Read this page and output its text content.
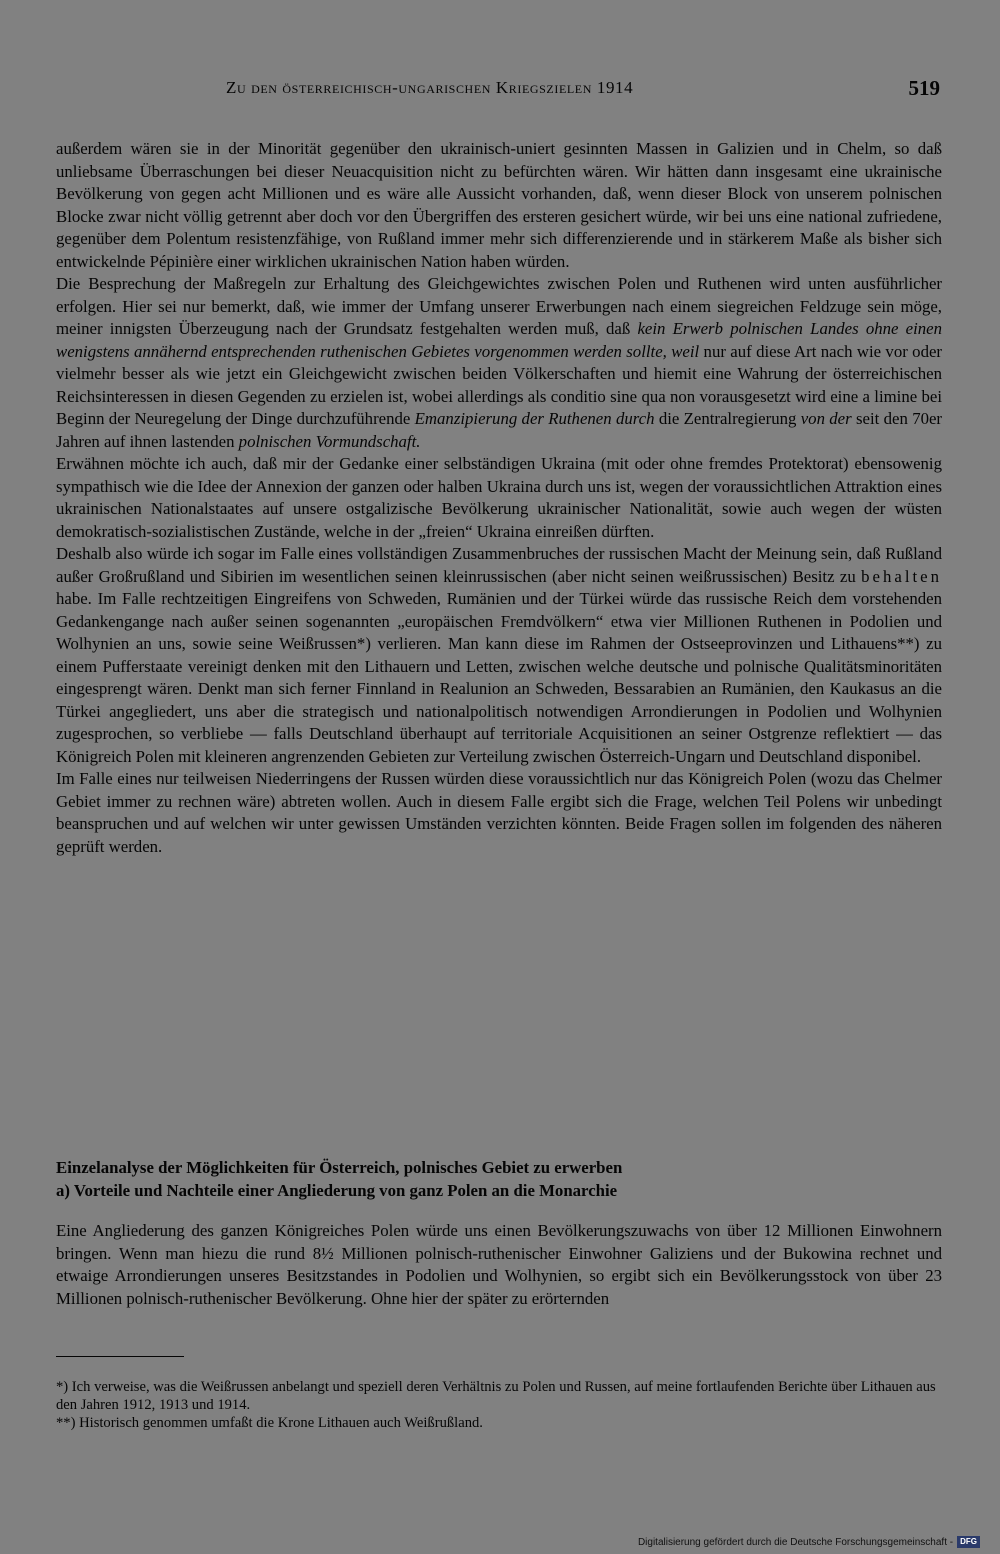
Zu den österreichisch-ungarischen Kriegszielen 1914	519

außerdem wären sie in der Minorität gegenüber den ukrainisch-uniert gesinnten Massen in Galizien und in Chelm, so daß unliebsame Überraschungen bei dieser Neuacquisition nicht zu befürchten wären. Wir hätten dann insgesamt eine ukrainische Bevölkerung von gegen acht Millionen und es wäre alle Aussicht vorhanden, daß, wenn dieser Block von unserem polnischen Blocke zwar nicht völlig getrennt aber doch vor den Übergriffen des ersteren gesichert würde, wir bei uns eine national zufriedene, gegenüber dem Polentum resistenzfähige, von Rußland immer mehr sich differenzierende und in stärkerem Maße als bisher sich entwickelnde Pépinière einer wirklichen ukrainischen Nation haben würden.

Die Besprechung der Maßregeln zur Erhaltung des Gleichgewichtes zwischen Polen und Ruthenen wird unten ausführlicher erfolgen. Hier sei nur bemerkt, daß, wie immer der Umfang unserer Erwerbungen nach einem siegreichen Feldzuge sein möge, meiner innigsten Überzeugung nach der Grundsatz festgehalten werden muß, daß kein Erwerb polnischen Landes ohne einen wenigstens annähernd entsprechenden ruthenischen Gebietes vorgenommen werden sollte, weil nur auf diese Art nach wie vor oder vielmehr besser als wie jetzt ein Gleichgewicht zwischen beiden Völkerschaften und hiemit eine Wahrung der österreichischen Reichsinteressen in diesen Gegenden zu erzielen ist, wobei allerdings als conditio sine qua non vorausgesetzt wird eine a limine bei Beginn der Neuregelung der Dinge durchzuführende Emanzipierung der Ruthenen durch die Zentralregierung von der seit den 70er Jahren auf ihnen lastenden polnischen Vormundschaft.

Erwähnen möchte ich auch, daß mir der Gedanke einer selbständigen Ukraina (mit oder ohne fremdes Protektorat) ebensowenig sympathisch wie die Idee der Annexion der ganzen oder halben Ukraina durch uns ist, wegen der voraussichtlichen Attraktion eines ukrainischen Nationalstaates auf unsere ostgalizische Bevölkerung ukrainischer Nationalität, sowie auch wegen der wüsten demokratisch-sozialistischen Zustände, welche in der „freien“ Ukraina einreißen dürften.

Deshalb also würde ich sogar im Falle eines vollständigen Zusammenbruches der russischen Macht der Meinung sein, daß Rußland außer Großrußland und Sibirien im wesentlichen seinen kleinrussischen (aber nicht seinen weißrussischen) Besitz zu behalten habe. Im Falle rechtzeitigen Eingreifens von Schweden, Rumänien und der Türkei würde das russische Reich dem vorstehenden Gedankengange nach außer seinen sogenannten „europäischen Fremdvölkern“ etwa vier Millionen Ruthenen in Podolien und Wolhynien an uns, sowie seine Weißrussen*) verlieren. Man kann diese im Rahmen der Ostseeprovinzen und Lithauens**) zu einem Pufferstaate vereinigt denken mit den Lithauern und Letten, zwischen welche deutsche und polnische Qualitätsminoritäten eingesprengt wären. Denkt man sich ferner Finnland in Realunion an Schweden, Bessarabien an Rumänien, den Kaukasus an die Türkei angegliedert, uns aber die strategisch und nationalpolitisch notwendigen Arrondierungen in Podolien und Wolhynien zugesprochen, so verbliebe — falls Deutschland überhaupt auf territoriale Acquisitionen an seiner Ostgrenze reflektiert — das Königreich Polen mit kleineren angrenzenden Gebieten zur Verteilung zwischen Österreich-Ungarn und Deutschland disponibel.

Im Falle eines nur teilweisen Niederringens der Russen würden diese voraussichtlich nur das Königreich Polen (wozu das Chelmer Gebiet immer zu rechnen wäre) abtreten wollen. Auch in diesem Falle ergibt sich die Frage, welchen Teil Polens wir unbedingt beanspruchen und auf welchen wir unter gewissen Umständen verzichten könnten. Beide Fragen sollen im folgenden des näheren geprüft werden.

Einzelanalyse der Möglichkeiten für Österreich, polnisches Gebiet zu erwerben
a) Vorteile und Nachteile einer Angliederung von ganz Polen an die Monarchie

Eine Angliederung des ganzen Königreiches Polen würde uns einen Bevölkerungszuwachs von über 12 Millionen Einwohnern bringen. Wenn man hiezu die rund 8½ Millionen polnisch-ruthenischer Einwohner Galiziens und der Bukowina rechnet und etwaige Arrondierungen unseres Besitzstandes in Podolien und Wolhynien, so ergibt sich ein Bevölkerungsstock von über 23 Millionen polnisch-ruthenischer Bevölkerung. Ohne hier der später zu erörternden

*) Ich verweise, was die Weißrussen anbelangt und speziell deren Verhältnis zu Polen und Russen, auf meine fortlaufenden Berichte über Lithauen aus den Jahren 1912, 1913 und 1914.
**) Historisch genommen umfaßt die Krone Lithauen auch Weißrußland.
Digitalisierung gefördert durch die Deutsche Forschungsgemeinschaft - DFG
